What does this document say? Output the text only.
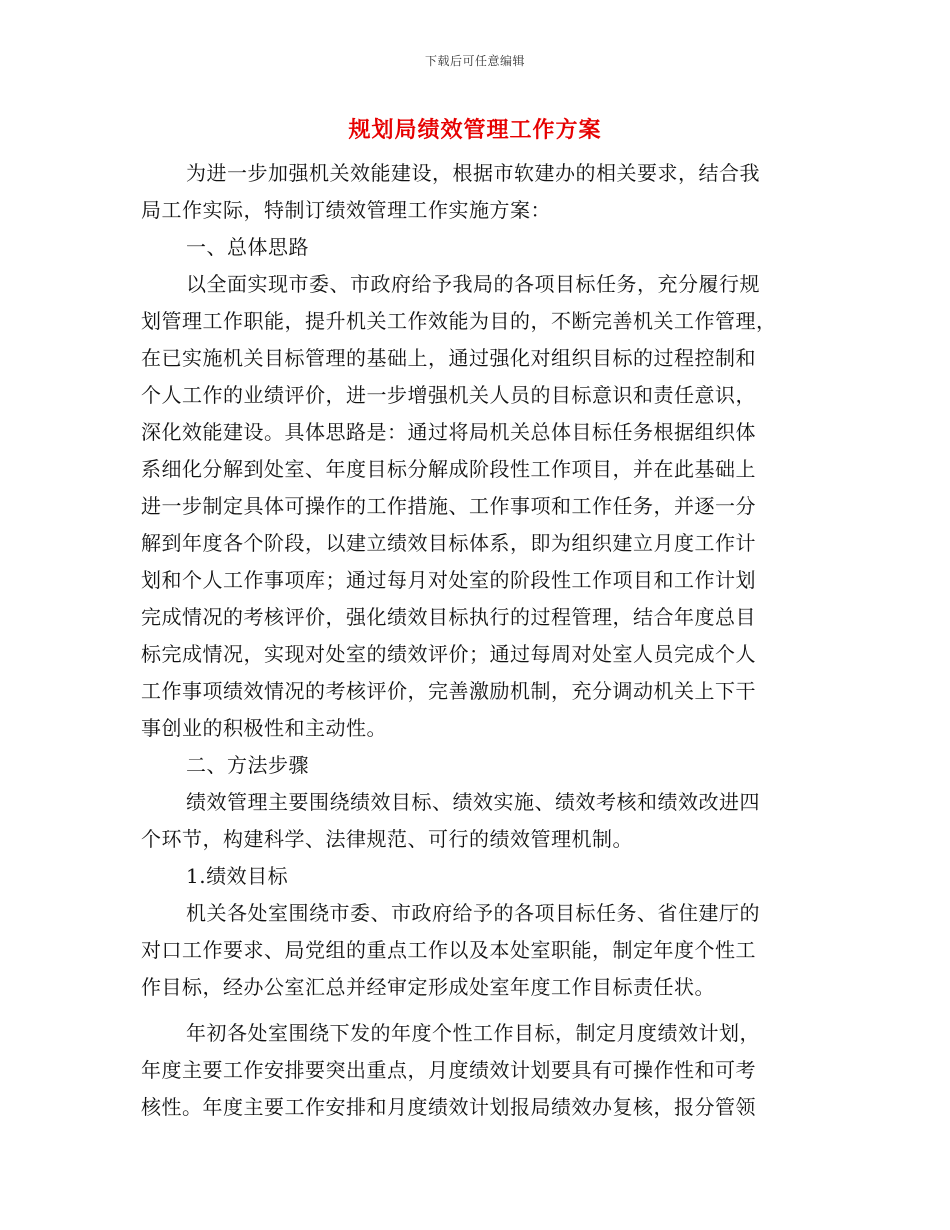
下载后可任意编辑
规划局绩效管理工作方案
为进一步加强机关效能建设，根据市软建办的相关要求，结合我
局工作实际，特制订绩效管理工作实施方案：
一、总体思路
以全面实现市委、市政府给予我局的各项目标任务，充分履行规
划管理工作职能，提升机关工作效能为目的，不断完善机关工作管理，
在已实施机关目标管理的基础上，通过强化对组织目标的过程控制和
个人工作的业绩评价，进一步增强机关人员的目标意识和责任意识，
深化效能建设。具体思路是：通过将局机关总体目标任务根据组织体
系细化分解到处室、年度目标分解成阶段性工作项目，并在此基础上
进一步制定具体可操作的工作措施、工作事项和工作任务，并逐一分
解到年度各个阶段，以建立绩效目标体系，即为组织建立月度工作计
划和个人工作事项库；通过每月对处室的阶段性工作项目和工作计划
完成情况的考核评价，强化绩效目标执行的过程管理，结合年度总目
标完成情况，实现对处室的绩效评价；通过每周对处室人员完成个人
工作事项绩效情况的考核评价，完善激励机制，充分调动机关上下干
事创业的积极性和主动性。
二、方法步骤
绩效管理主要围绕绩效目标、绩效实施、绩效考核和绩效改进四
个环节，构建科学、法律规范、可行的绩效管理机制。
1.绩效目标
机关各处室围绕市委、市政府给予的各项目标任务、省住建厅的
对口工作要求、局党组的重点工作以及本处室职能，制定年度个性工
作目标，经办公室汇总并经审定形成处室年度工作目标责任状。
年初各处室围绕下发的年度个性工作目标，制定月度绩效计划，
年度主要工作安排要突出重点，月度绩效计划要具有可操作性和可考
核性。年度主要工作安排和月度绩效计划报局绩效办复核，报分管领
